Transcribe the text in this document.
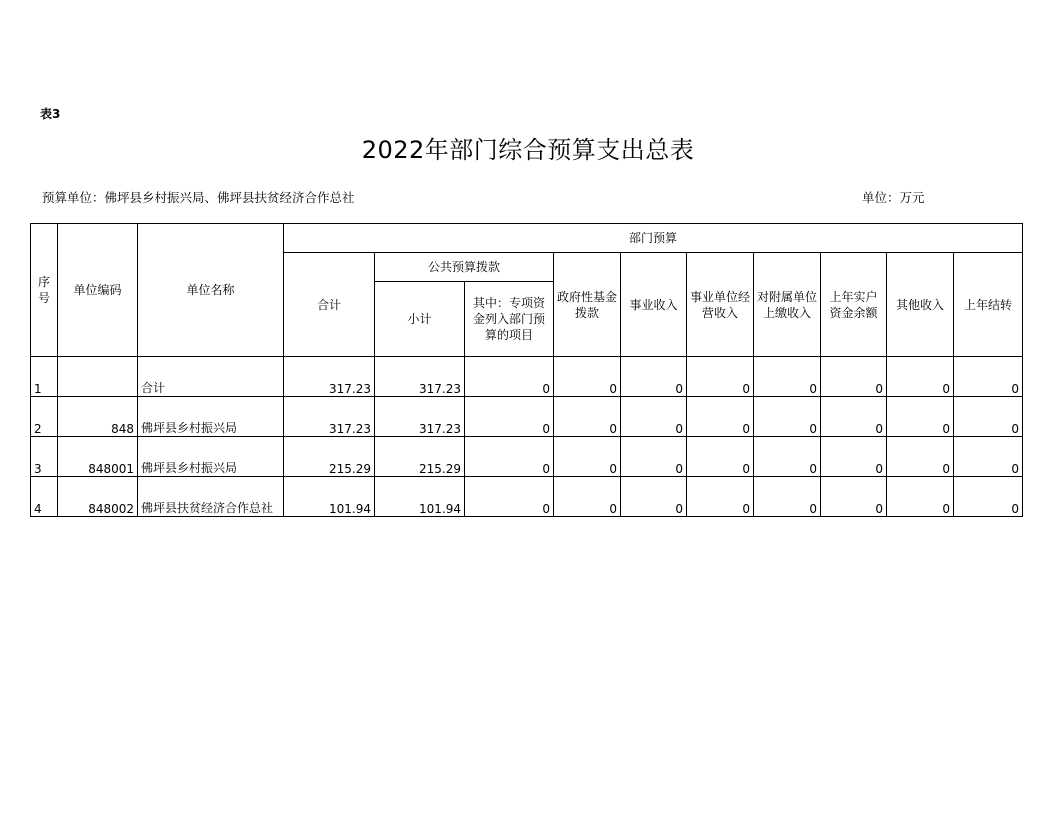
表3
2022年部门综合预算支出总表
预算单位：佛坪县乡村振兴局、佛坪县扶贫经济合作总社	单位：万元
序号	单位编码	单位名称	部门预算									
			合计	公共预算拨款		政府性基金拨款	事业收入	事业单位经营收入	对附属单位上缴收入	上年实户资金余额	其他收入	上年结转
				小计	其中：专项资金列入部门预算的项目							
1		合计	317.23	317.23	0	0	0	0	0	0	0	0
2	848	佛坪县乡村振兴局	317.23	317.23	0	0	0	0	0	0	0	0
3	848001	佛坪县乡村振兴局	215.29	215.29	0	0	0	0	0	0	0	0
4	848002	佛坪县扶贫经济合作总社	101.94	101.94	0	0	0	0	0	0	0	0
